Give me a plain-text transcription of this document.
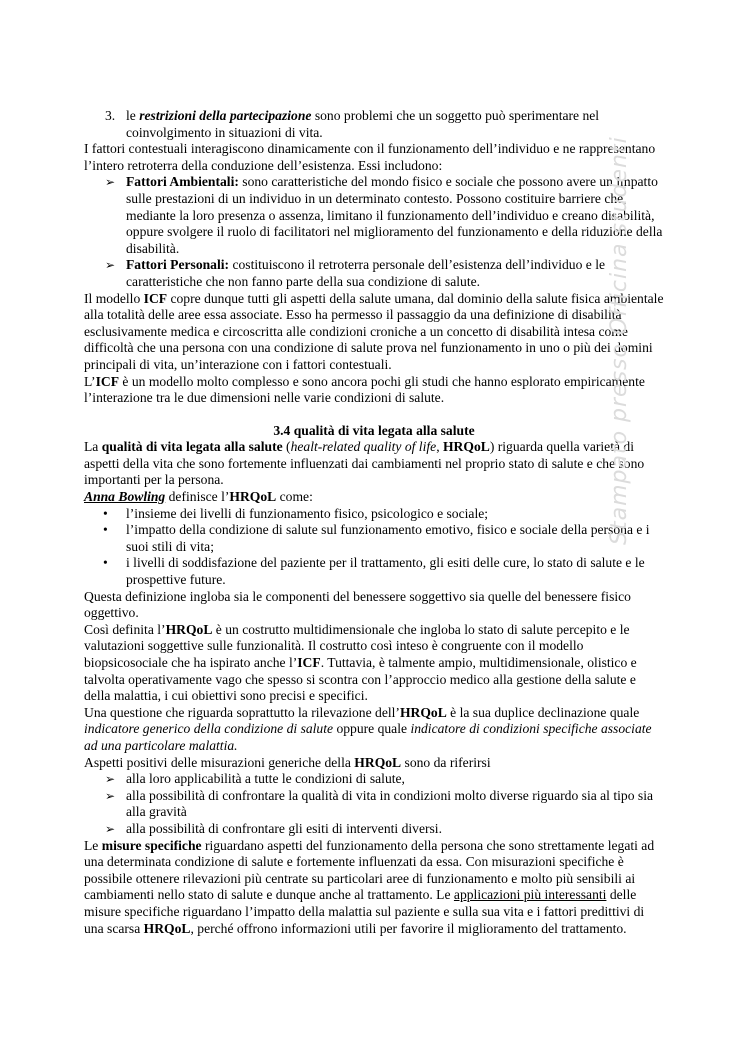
3. le restrizioni della partecipazione sono problemi che un soggetto può sperimentare nel coinvolgimento in situazioni di vita.

I fattori contestuali interagiscono dinamicamente con il funzionamento dell’individuo e ne rappresentano l’intero retroterra della conduzione dell’esistenza. Essi includono:

➢ Fattori Ambientali: sono caratteristiche del mondo fisico e sociale che possono avere un impatto sulle prestazioni di un individuo in un determinato contesto. Possono costituire barriere che, mediante la loro presenza o assenza, limitano il funzionamento dell’individuo e creano disabilità, oppure svolgere il ruolo di facilitatori nel miglioramento del funzionamento e della riduzione della disabilità.
➢ Fattori Personali: costituiscono il retroterra personale dell’esistenza dell’individuo e le caratteristiche che non fanno parte della sua condizione di salute.

Il modello ICF copre dunque tutti gli aspetti della salute umana, dal dominio della salute fisica ambientale alla totalità delle aree essa associate. Esso ha permesso il passaggio da una definizione di disabilità esclusivamente medica e circoscritta alle condizioni croniche a un concetto di disabilità intesa come difficoltà che una persona con una condizione di salute prova nel funzionamento in uno o più dei domini principali di vita, un’interazione con i fattori contestuali.

L’ICF è un modello molto complesso e sono ancora pochi gli studi che hanno esplorato empiricamente l’interazione tra le due dimensioni nelle varie condizioni di salute.

3.4 qualità di vita legata alla salute

La qualità di vita legata alla salute (healt-related quality of life, HRQoL) riguarda quella varietà di aspetti della vita che sono fortemente influenzati dai cambiamenti nel proprio stato di salute e che sono importanti per la persona.

Anna Bowling definisce l’HRQoL come:

•	l’insieme dei livelli di funzionamento fisico, psicologico e sociale;
•	l’impatto della condizione di salute sul funzionamento emotivo, fisico e sociale della persona e i suoi stili di vita;
•	i livelli di soddisfazione del paziente per il trattamento, gli esiti delle cure, lo stato di salute e le prospettive future.

Questa definizione ingloba sia le componenti del benessere soggettivo sia quelle del benessere fisico oggettivo.

Così definita l’HRQoL è un costrutto multidimensionale che ingloba lo stato di salute percepito e le valutazioni soggettive sulle funzionalità. Il costrutto così inteso è congruente con il modello biopsicosociale che ha ispirato anche l’ICF. Tuttavia, è talmente ampio, multidimensionale, olistico e talvolta operativamente vago che spesso si scontra con l’approccio medico alla gestione della salute e della malattia, i cui obiettivi sono precisi e specifici.

Una questione che riguarda soprattutto la rilevazione dell’HRQoL è la sua duplice declinazione quale indicatore generico della condizione di salute oppure quale indicatore di condizioni specifiche associate ad una particolare malattia.

Aspetti positivi delle misurazioni generiche della HRQoL sono da riferirsi

➢ alla loro applicabilità a tutte le condizioni di salute,
➢ alla possibilità di confrontare la qualità di vita in condizioni molto diverse riguardo sia al tipo sia alla gravità
➢ alla possibilità di confrontare gli esiti di interventi diversi.

Le misure specifiche riguardano aspetti del funzionamento della persona che sono strettamente legati ad una determinata condizione di salute e fortemente influenzati da essa. Con misurazioni specifiche è possibile ottenere rilevazioni più centrate su particolari aree di funzionamento e molto più sensibili ai cambiamenti nello stato di salute e dunque anche al trattamento. Le applicazioni più interessanti delle misure specifiche riguardano l’impatto della malattia sul paziente e sulla sua vita e i fattori predittivi di una scarsa HRQoL, perché offrono informazioni utili per favorire il miglioramento del trattamento.

Stampato presso Officina studenti
